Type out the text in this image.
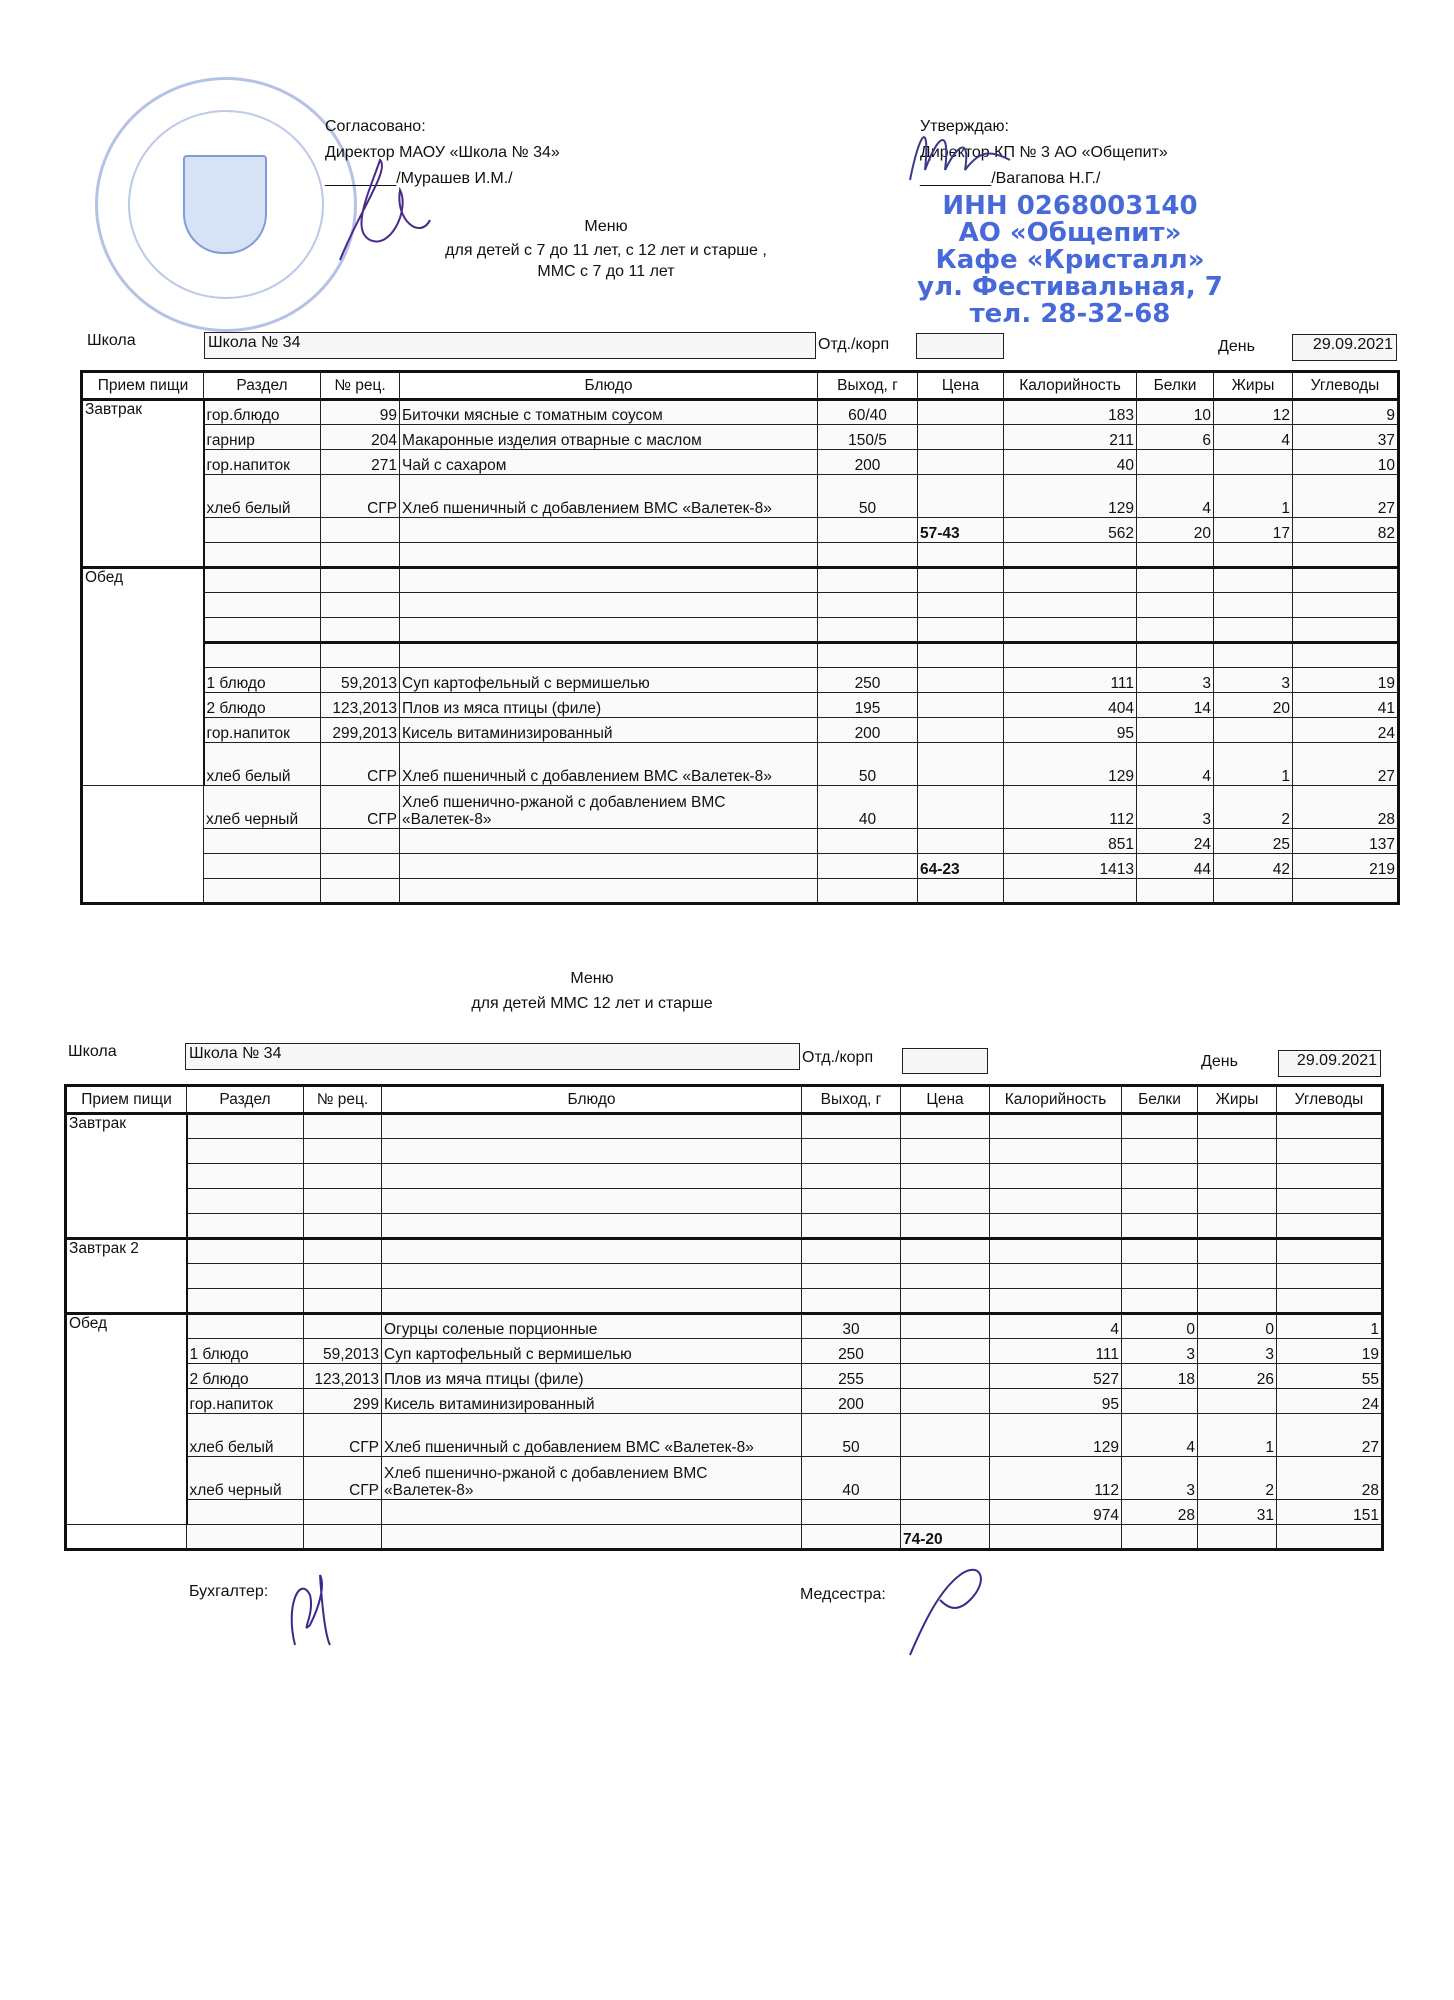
Согласовано:
Директор МАОУ «Школа № 34»
________/Мурашев И.М./
Утверждаю:
Директор КП № 3 АО «Общепит»
________/Вагапова Н.Г./
ИНН 0268003140
АО «Общепит»
Кафе «Кристалл»
ул. Фестивальная, 7
тел. 28-32-68
Меню
для детей с 7 до 11 лет, с 12 лет и старше ,
ММС с 7 до 11 лет
Школа	Школа № 34	Отд./корп	День	29.09.2021
Прием пищи	Раздел	№ рец.	Блюдо	Выход, г	Цена	Калорийность	Белки	Жиры	Углеводы
Завтрак	гор.блюдо	99	Биточки мясные с томатным соусом	60/40		183	10	12	9
	гарнир	204	Макаронные изделия отварные с маслом	150/5		211	6	4	37
	гор.напиток	271	Чай с сахаром	200		40			10
	хлеб белый	СГР	Хлеб пшеничный с добавлением ВМС «Валетек-8»	50		129	4	1	27
					57-43	562	20	17	82

Обед									

	1 блюдо	59,2013	Суп картофельный с вермишелью	250		111	3	3	19
	2 блюдо	123,2013	Плов из мяса птицы (филе)	195		404	14	20	41
	гор.напиток	299,2013	Кисель витаминизированный	200		95			24
	хлеб белый	СГР	Хлеб пшеничный с добавлением ВМС «Валетек-8»	50		129	4	1	27
	хлеб черный	СГР	Хлеб пшенично-ржаной с добавлением ВМС «Валетек-8»	40		112	3	2	28
						851	24	25	137
					64-23	1413	44	42	219

Меню
для детей ММС 12 лет и старше
Школа	Школа № 34	Отд./корп	День	29.09.2021
Прием пищи	Раздел	№ рец.	Блюдо	Выход, г	Цена	Калорийность	Белки	Жиры	Углеводы
Завтрак									

Завтрак 2									

Обед			Огурцы соленые порционные	30		4	0	0	1
	1 блюдо	59,2013	Суп картофельный с вермишелью	250		111	3	3	19
	2 блюдо	123,2013	Плов из мяча птицы (филе)	255		527	18	26	55
	гор.напиток	299	Кисель витаминизированный	200		95			24
	хлеб белый	СГР	Хлеб пшеничный с добавлением ВМС «Валетек-8»	50		129	4	1	27
	хлеб черный	СГР	Хлеб пшенично-ржаной с добавлением ВМС «Валетек-8»	40		112	3	2	28
						974	28	31	151
					74-20				
Бухгалтер:	Медсестра:
